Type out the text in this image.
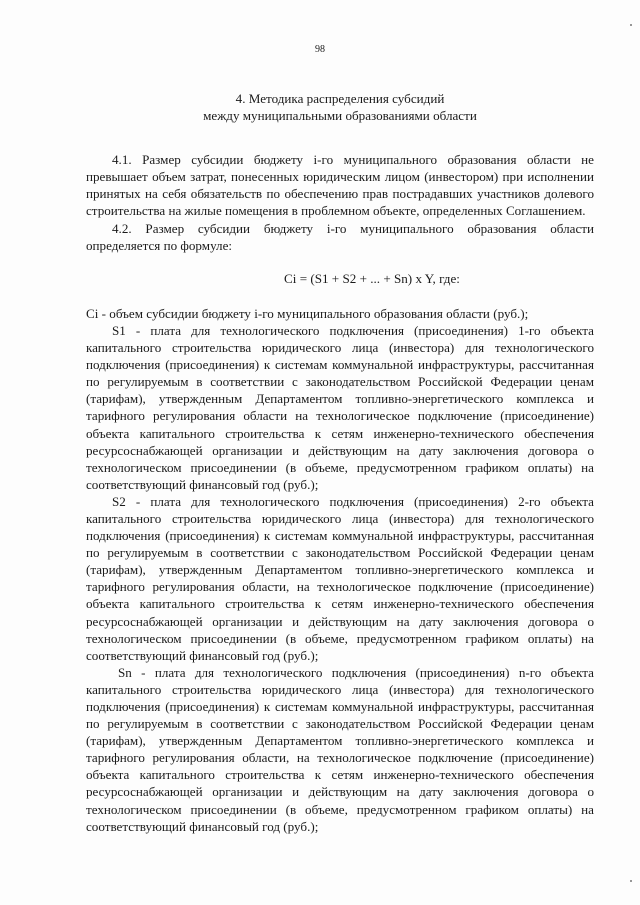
98
4. Методика распределения субсидий
между муниципальными образованиями области

4.1. Размер субсидии бюджету i-го муниципального образования области не превышает объем затрат, понесенных юридическим лицом (инвестором) при исполнении принятых на себя обязательств по обеспечению прав пострадавших участников долевого строительства на жилые помещения в проблемном объекте, определенных Соглашением.

4.2. Размер субсидии бюджету i-го муниципального образования области определяется по формуле:

Ci = (S1 + S2 + ... + Sn) x Y, где:

Ci - объем субсидии бюджету i-го муниципального образования области (руб.);

S1 - плата для технологического подключения (присоединения) 1-го объекта капитального строительства юридического лица (инвестора) для технологического подключения (присоединения) к системам коммунальной инфраструктуры, рассчитанная по регулируемым в соответствии с законодательством Российской Федерации ценам (тарифам), утвержденным Департаментом топливно-энергетического комплекса и тарифного регулирования области на технологическое подключение (присоединение) объекта капитального строительства к сетям инженерно-технического обеспечения ресурсоснабжающей организации и действующим на дату заключения договора о технологическом присоединении (в объеме, предусмотренном графиком оплаты) на соответствующий финансовый год (руб.);

S2 - плата для технологического подключения (присоединения) 2-го объекта капитального строительства юридического лица (инвестора) для технологического подключения (присоединения) к системам коммунальной инфраструктуры, рассчитанная по регулируемым в соответствии с законодательством Российской Федерации ценам (тарифам), утвержденным Департаментом топливно-энергетического комплекса и тарифного регулирования области, на технологическое подключение (присоединение) объекта капитального строительства к сетям инженерно-технического обеспечения ресурсоснабжающей организации и действующим на дату заключения договора о технологическом присоединении (в объеме, предусмотренном графиком оплаты) на соответствующий финансовый год (руб.);

Sn - плата для технологического подключения (присоединения) n-го объекта капитального строительства юридического лица (инвестора) для технологического подключения (присоединения) к системам коммунальной инфраструктуры, рассчитанная по регулируемым в соответствии с законодательством Российской Федерации ценам (тарифам), утвержденным Департаментом топливно-энергетического комплекса и тарифного регулирования области, на технологическое подключение (присоединение) объекта капитального строительства к сетям инженерно-технического обеспечения ресурсоснабжающей организации и действующим на дату заключения договора о технологическом присоединении (в объеме, предусмотренном графиком оплаты) на соответствующий финансовый год (руб.);
